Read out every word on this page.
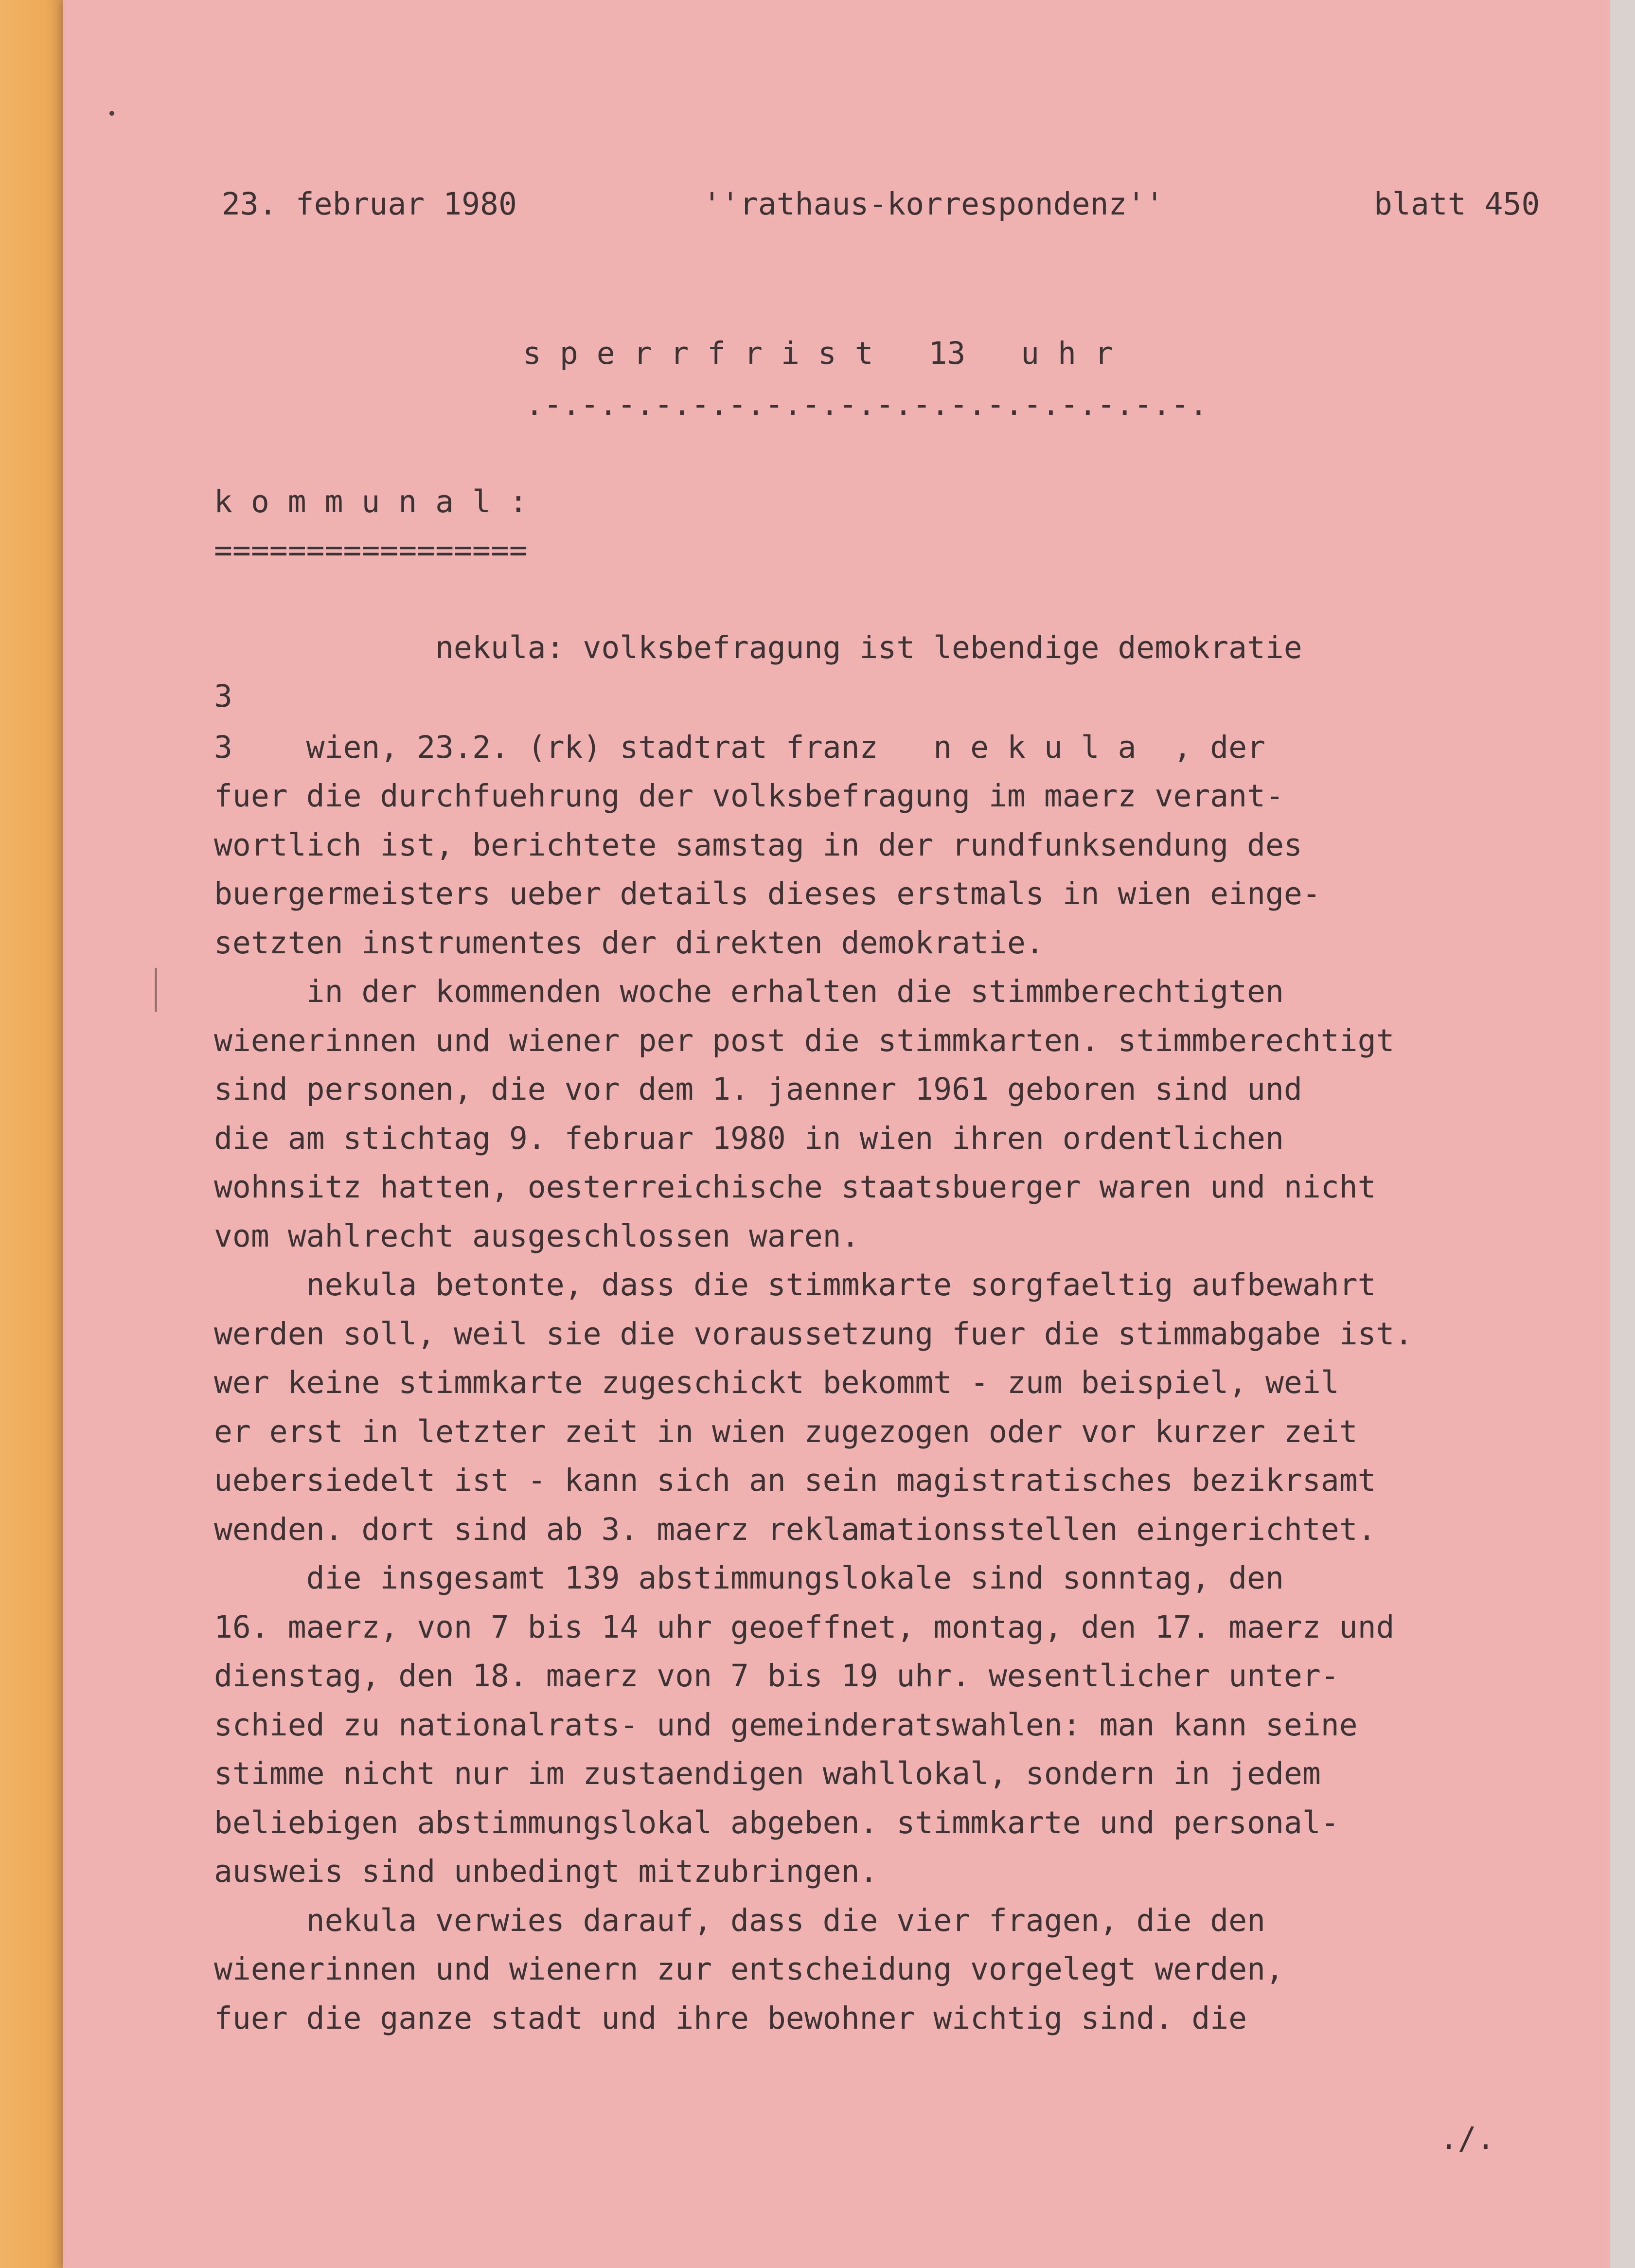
23. februar 1980	''rathaus-korrespondenz''	blatt 450
s p e r r f r i s t   13   u h r
.-.-.-.-.-.-.-.-.-.-.-.-.-.-.-.-.-.-.
k o m m u n a l :
=================
nekula: volksbefragung ist lebendige demokratie
3
3    wien, 23.2. (rk) stadtrat franz   n e k u l a  , der
fuer die durchfuehrung der volksbefragung im maerz verant-
wortlich ist, berichtete samstag in der rundfunksendung des
buergermeisters ueber details dieses erstmals in wien einge-
setzten instrumentes der direkten demokratie.
in der kommenden woche erhalten die stimmberechtigten
wienerinnen und wiener per post die stimmkarten. stimmberechtigt
sind personen, die vor dem 1. jaenner 1961 geboren sind und
die am stichtag 9. februar 1980 in wien ihren ordentlichen
wohnsitz hatten, oesterreichische staatsbuerger waren und nicht
vom wahlrecht ausgeschlossen waren.
nekula betonte, dass die stimmkarte sorgfaeltig aufbewahrt
werden soll, weil sie die voraussetzung fuer die stimmabgabe ist.
wer keine stimmkarte zugeschickt bekommt - zum beispiel, weil
er erst in letzter zeit in wien zugezogen oder vor kurzer zeit
uebersiedelt ist - kann sich an sein magistratisches bezikrsamt
wenden. dort sind ab 3. maerz reklamationsstellen eingerichtet.
die insgesamt 139 abstimmungslokale sind sonntag, den
16. maerz, von 7 bis 14 uhr geoeffnet, montag, den 17. maerz und
dienstag, den 18. maerz von 7 bis 19 uhr. wesentlicher unter-
schied zu nationalrats- und gemeinderatswahlen: man kann seine
stimme nicht nur im zustaendigen wahllokal, sondern in jedem
beliebigen abstimmungslokal abgeben. stimmkarte und personal-
ausweis sind unbedingt mitzubringen.
nekula verwies darauf, dass die vier fragen, die den
wienerinnen und wienern zur entscheidung vorgelegt werden,
fuer die ganze stadt und ihre bewohner wichtig sind. die
./.
